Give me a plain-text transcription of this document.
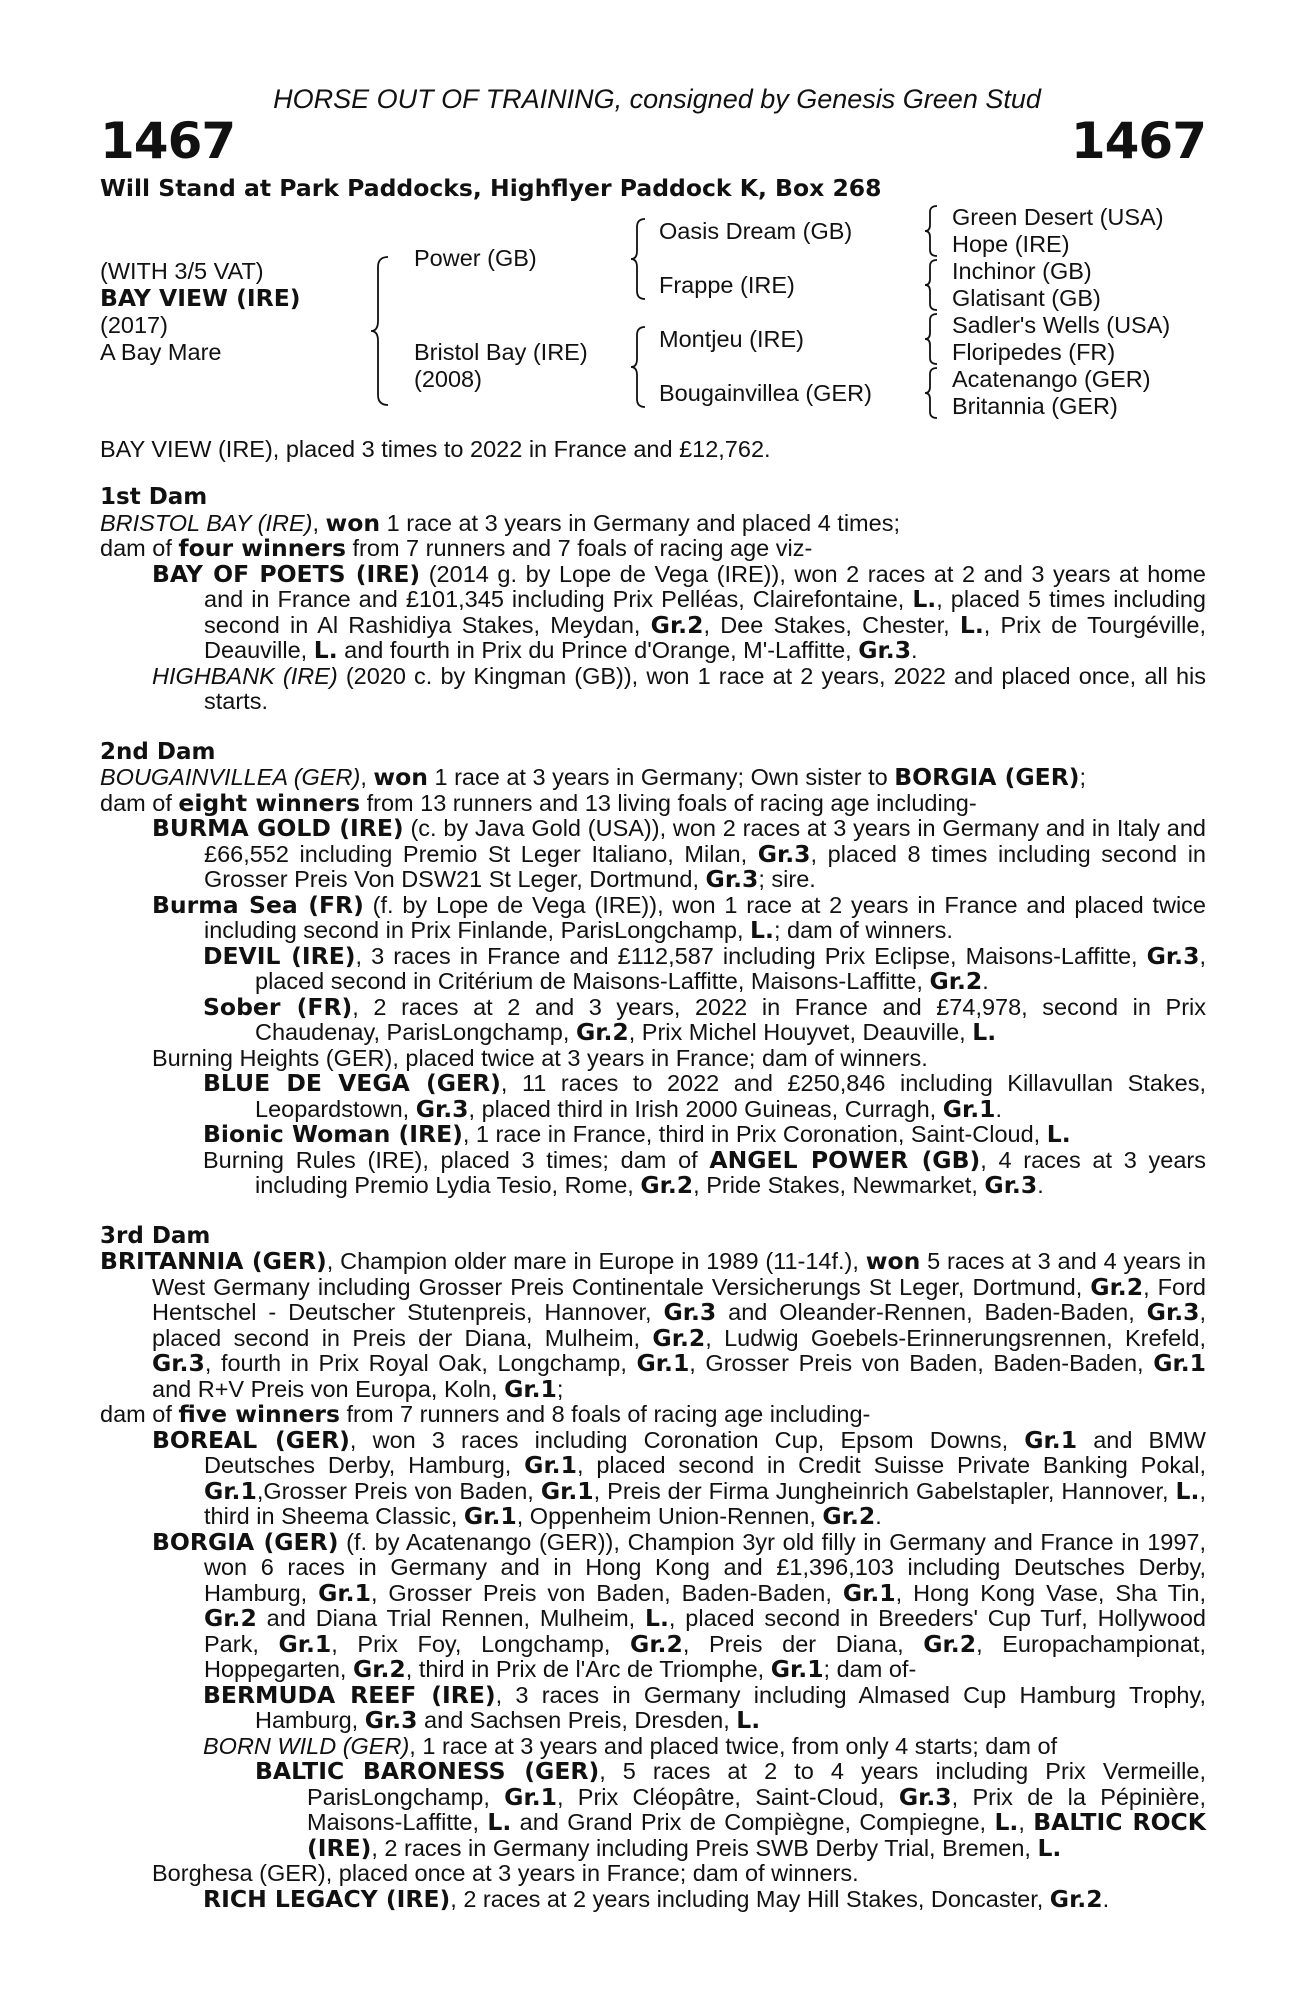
HORSE OUT OF TRAINING, consigned by Genesis Green Stud
1467	1467
Will Stand at Park Paddocks, Highflyer Paddock K, Box 268
(WITH 3/5 VAT)
BAY VIEW (IRE)
(2017)
A Bay Mare
Power (GB)
Bristol Bay (IRE)
(2008)
Oasis Dream (GB)
Frappe (IRE)
Montjeu (IRE)
Bougainvillea (GER)
Green Desert (USA)
Hope (IRE)
Inchinor (GB)
Glatisant (GB)
Sadler's Wells (USA)
Floripedes (FR)
Acatenango (GER)
Britannia (GER)

BAY VIEW (IRE), placed 3 times to 2022 in France and £12,762.

1st Dam

BRISTOL BAY (IRE), won 1 race at 3 years in Germany and placed 4 times;

dam of four winners from 7 runners and 7 foals of racing age viz-

BAY OF POETS (IRE) (2014 g. by Lope de Vega (IRE)), won 2 races at 2 and 3 years at home and in France and £101,345 including Prix Pelléas, Clairefontaine, L., placed 5 times including second in Al Rashidiya Stakes, Meydan, Gr.2, Dee Stakes, Chester, L., Prix de Tourgéville, Deauville, L. and fourth in Prix du Prince d'Orange, M'-Laffitte, Gr.3.

HIGHBANK (IRE) (2020 c. by Kingman (GB)), won 1 race at 2 years, 2022 and placed once, all his starts.

2nd Dam

BOUGAINVILLEA (GER), won 1 race at 3 years in Germany; Own sister to BORGIA (GER);

dam of eight winners from 13 runners and 13 living foals of racing age including-

BURMA GOLD (IRE) (c. by Java Gold (USA)), won 2 races at 3 years in Germany and in Italy and £66,552 including Premio St Leger Italiano, Milan, Gr.3, placed 8 times including second in Grosser Preis Von DSW21 St Leger, Dortmund, Gr.3; sire.

Burma Sea (FR) (f. by Lope de Vega (IRE)), won 1 race at 2 years in France and placed twice including second in Prix Finlande, ParisLongchamp, L.; dam of winners.

DEVIL (IRE), 3 races in France and £112,587 including Prix Eclipse, Maisons-Laffitte, Gr.3, placed second in Critérium de Maisons-Laffitte, Maisons-Laffitte, Gr.2.

Sober (FR), 2 races at 2 and 3 years, 2022 in France and £74,978, second in Prix Chaudenay, ParisLongchamp, Gr.2, Prix Michel Houyvet, Deauville, L.

Burning Heights (GER), placed twice at 3 years in France; dam of winners.

BLUE DE VEGA (GER), 11 races to 2022 and £250,846 including Killavullan Stakes, Leopardstown, Gr.3, placed third in Irish 2000 Guineas, Curragh, Gr.1.

Bionic Woman (IRE), 1 race in France, third in Prix Coronation, Saint-Cloud, L.

Burning Rules (IRE), placed 3 times; dam of ANGEL POWER (GB), 4 races at 3 years including Premio Lydia Tesio, Rome, Gr.2, Pride Stakes, Newmarket, Gr.3.

3rd Dam

BRITANNIA (GER), Champion older mare in Europe in 1989 (11-14f.), won 5 races at 3 and 4 years in West Germany including Grosser Preis Continentale Versicherungs St Leger, Dortmund, Gr.2, Ford Hentschel - Deutscher Stutenpreis, Hannover, Gr.3 and Oleander-Rennen, Baden-Baden, Gr.3, placed second in Preis der Diana, Mulheim, Gr.2, Ludwig Goebels-Erinnerungsrennen, Krefeld, Gr.3, fourth in Prix Royal Oak, Longchamp, Gr.1, Grosser Preis von Baden, Baden-Baden, Gr.1 and R+V Preis von Europa, Koln, Gr.1;

dam of five winners from 7 runners and 8 foals of racing age including-

BOREAL (GER), won 3 races including Coronation Cup, Epsom Downs, Gr.1 and BMW Deutsches Derby, Hamburg, Gr.1, placed second in Credit Suisse Private Banking Pokal, Gr.1,Grosser Preis von Baden, Gr.1, Preis der Firma Jungheinrich Gabelstapler, Hannover, L., third in Sheema Classic, Gr.1, Oppenheim Union-Rennen, Gr.2.

BORGIA (GER) (f. by Acatenango (GER)), Champion 3yr old filly in Germany and France in 1997, won 6 races in Germany and in Hong Kong and £1,396,103 including Deutsches Derby, Hamburg, Gr.1, Grosser Preis von Baden, Baden-Baden, Gr.1, Hong Kong Vase, Sha Tin, Gr.2 and Diana Trial Rennen, Mulheim, L., placed second in Breeders' Cup Turf, Hollywood Park, Gr.1, Prix Foy, Longchamp, Gr.2, Preis der Diana, Gr.2, Europachampionat, Hoppegarten, Gr.2, third in Prix de l'Arc de Triomphe, Gr.1; dam of-

BERMUDA REEF (IRE), 3 races in Germany including Almased Cup Hamburg Trophy, Hamburg, Gr.3 and Sachsen Preis, Dresden, L.

BORN WILD (GER), 1 race at 3 years and placed twice, from only 4 starts; dam of

BALTIC BARONESS (GER), 5 races at 2 to 4 years including Prix Vermeille, ParisLongchamp, Gr.1, Prix Cléopâtre, Saint-Cloud, Gr.3, Prix de la Pépinière, Maisons-Laffitte, L. and Grand Prix de Compiègne, Compiegne, L., BALTIC ROCK (IRE), 2 races in Germany including Preis SWB Derby Trial, Bremen, L.

Borghesa (GER), placed once at 3 years in France; dam of winners.

RICH LEGACY (IRE), 2 races at 2 years including May Hill Stakes, Doncaster, Gr.2.
